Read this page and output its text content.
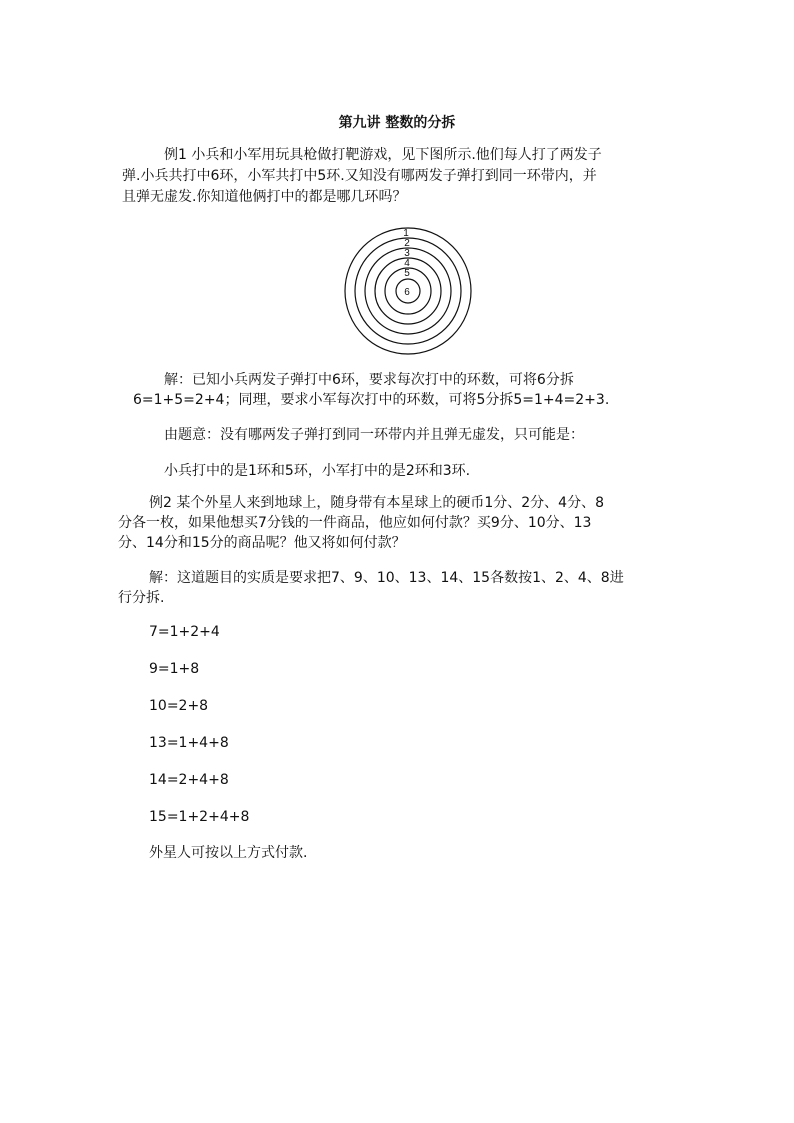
第九讲 整数的分拆
例1 小兵和小军用玩具枪做打靶游戏，见下图所示.他们每人打了两发子
弹.小兵共打中6环，小军共打中5环.又知没有哪两发子弹打到同一环带内，并
且弹无虚发.你知道他俩打中的都是哪几环吗？
1
2
3
4
5
6
解：已知小兵两发子弹打中6环，要求每次打中的环数，可将6分拆
6=1+5=2+4；同理，要求小军每次打中的环数，可将5分拆5=1+4=2+3.
由题意：没有哪两发子弹打到同一环带内并且弹无虚发，只可能是：
小兵打中的是1环和5环，小军打中的是2环和3环.
例2 某个外星人来到地球上，随身带有本星球上的硬币1分、2分、4分、8
分各一枚，如果他想买7分钱的一件商品，他应如何付款？买9分、10分、13
分、14分和15分的商品呢？他又将如何付款？
解：这道题目的实质是要求把7、9、10、13、14、15各数按1、2、4、8进
行分拆.
7=1+2+4
9=1+8
10=2+8
13=1+4+8
14=2+4+8
15=1+2+4+8
外星人可按以上方式付款.
